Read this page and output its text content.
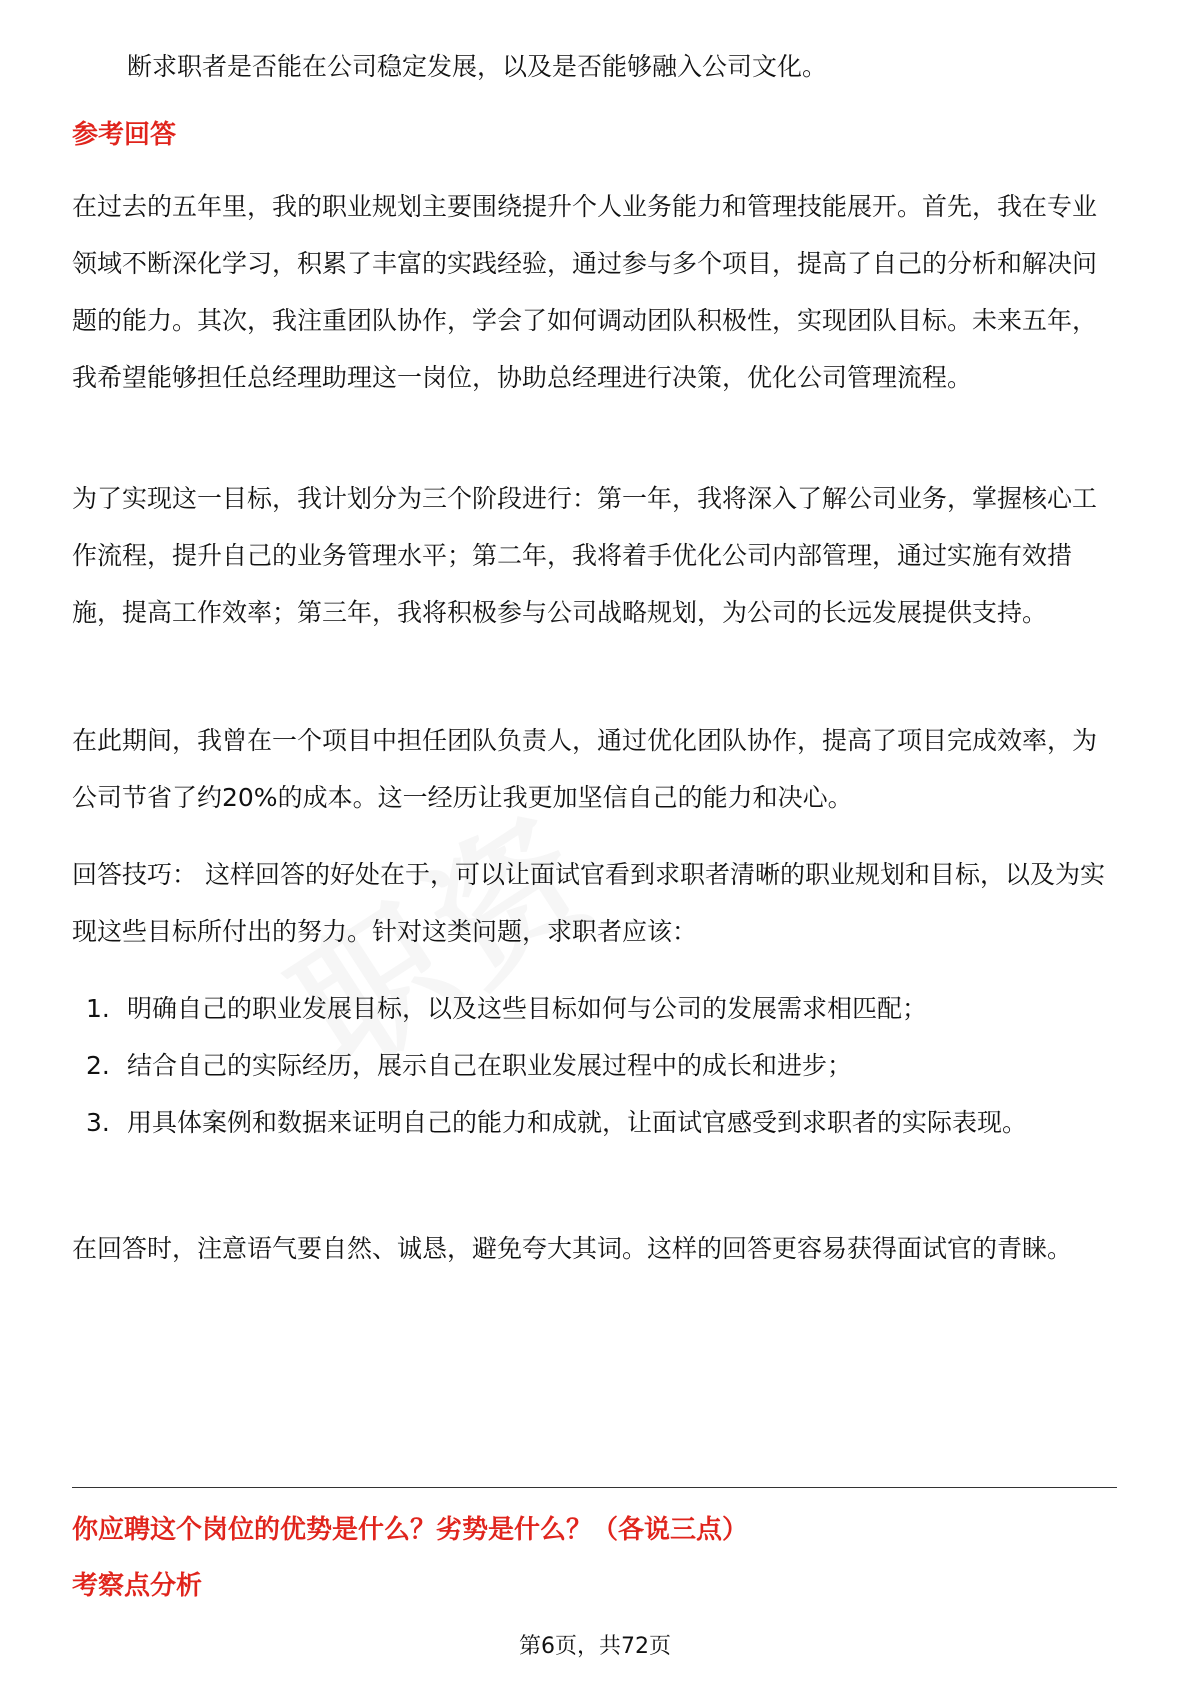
断求职者是否能在公司稳定发展，以及是否能够融入公司文化。

参考回答

在过去的五年里，我的职业规划主要围绕提升个人业务能力和管理技能展开。首先，我在专业领域不断深化学习，积累了丰富的实践经验，通过参与多个项目，提高了自己的分析和解决问题的能力。其次，我注重团队协作，学会了如何调动团队积极性，实现团队目标。未来五年，我希望能够担任总经理助理这一岗位，协助总经理进行决策，优化公司管理流程。

为了实现这一目标，我计划分为三个阶段进行：第一年，我将深入了解公司业务，掌握核心工作流程，提升自己的业务管理水平；第二年，我将着手优化公司内部管理，通过实施有效措施，提高工作效率；第三年，我将积极参与公司战略规划，为公司的长远发展提供支持。

在此期间，我曾在一个项目中担任团队负责人，通过优化团队协作，提高了项目完成效率，为公司节省了约20%的成本。这一经历让我更加坚信自己的能力和决心。

回答技巧： 这样回答的好处在于，可以让面试官看到求职者清晰的职业规划和目标，以及为实现这些目标所付出的努力。针对这类问题，求职者应该：

1. 明确自己的职业发展目标，以及这些目标如何与公司的发展需求相匹配；
2. 结合自己的实际经历，展示自己在职业发展过程中的成长和进步；
3. 用具体案例和数据来证明自己的能力和成就，让面试官感受到求职者的实际表现。

在回答时，注意语气要自然、诚恳，避免夸大其词。这样的回答更容易获得面试官的青睐。

你应聘这个岗位的优势是什么？劣势是什么？（各说三点）
考察点分析
第6页，共72页
